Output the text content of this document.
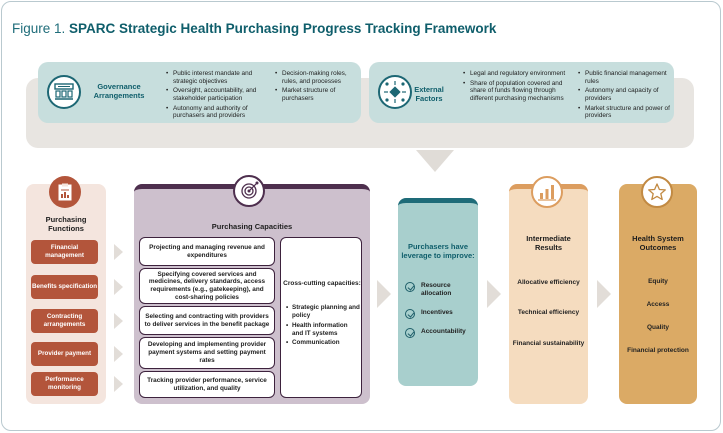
Figure 1. SPARC Strategic Health Purchasing Progress Tracking Framework
Governance Arrangements
• Public interest mandate and strategic objectives
• Oversight, accountability, and stakeholder participation
• Autonomy and authority of purchasers and providers
• Decision-making roles, rules, and processes
• Market structure of purchasers
External Factors
• Legal and regulatory environment
• Share of population covered and share of funds flowing through different purchasing mechanisms
• Public financial management rules
• Autonomy and capacity of providers
• Market structure and power of providers
Purchasing Functions
Financial management
Benefits specification
Contracting arrangements
Provider payment
Performance monitoring
Purchasing Capacities
Projecting and managing revenue and expenditures
Specifying covered services and medicines, delivery standards, access requirements (e.g., gatekeeping), and cost-sharing policies
Selecting and contracting with providers to deliver services in the benefit package
Developing and implementing provider payment systems and setting payment rates
Tracking provider performance, service utilization, and quality
Cross-cutting capacities:
• Strategic planning and policy
• Health information and IT systems
• Communication
Purchasers have leverage to improve:
Resource allocation
Incentives
Accountability
Intermediate Results
Allocative efficiency
Technical efficiency
Financial sustainability
Health System Outcomes
Equity
Access
Quality
Financial protection
